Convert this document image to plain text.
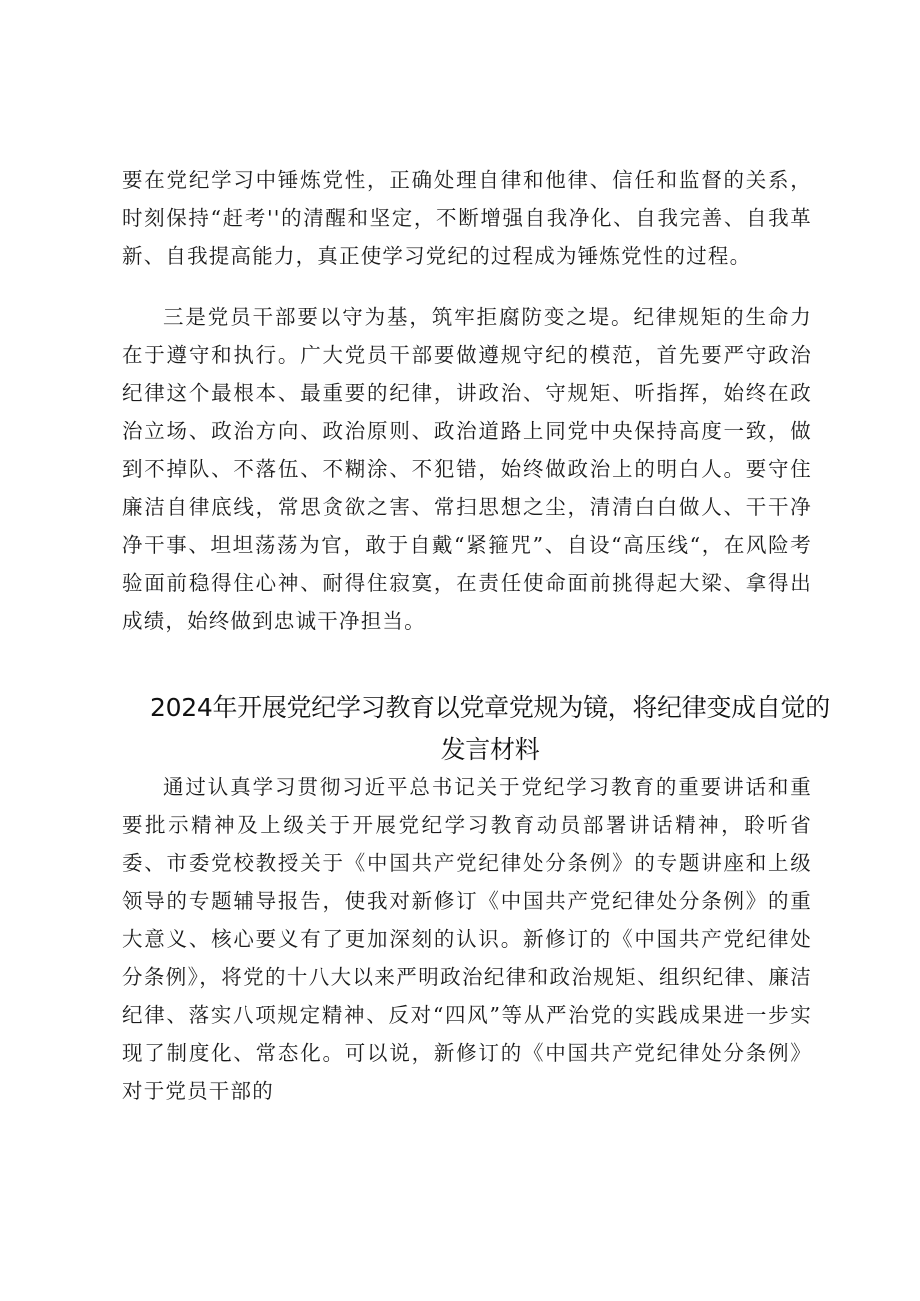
要在党纪学习中锤炼党性，正确处理自律和他律、信任和监督的关系，时刻保持“赶考''的清醒和坚定，不断增强自我净化、自我完善、自我革新、自我提高能力，真正使学习党纪的过程成为锤炼党性的过程。

三是党员干部要以守为基，筑牢拒腐防变之堤。纪律规矩的生命力在于遵守和执行。广大党员干部要做遵规守纪的模范，首先要严守政治纪律这个最根本、最重要的纪律，讲政治、守规矩、听指挥，始终在政治立场、政治方向、政治原则、政治道路上同党中央保持高度一致，做到不掉队、不落伍、不糊涂、不犯错，始终做政治上的明白人。要守住廉洁自律底线，常思贪欲之害、常扫思想之尘，清清白白做人、干干净净干事、坦坦荡荡为官，敢于自戴“紧箍咒”、自设“高压线“，在风险考验面前稳得住心神、耐得住寂寞，在责任使命面前挑得起大梁、拿得出成绩，始终做到忠诚干净担当。

2024年开展党纪学习教育以党章党规为镜，将纪律变成自觉的发言材料

通过认真学习贯彻习近平总书记关于党纪学习教育的重要讲话和重要批示精神及上级关于开展党纪学习教育动员部署讲话精神，聆听省委、市委党校教授关于《中国共产党纪律处分条例》的专题讲座和上级领导的专题辅导报告，使我对新修订《中国共产党纪律处分条例》的重大意义、核心要义有了更加深刻的认识。新修订的《中国共产党纪律处分条例》，将党的十八大以来严明政治纪律和政治规矩、组织纪律、廉洁纪律、落实八项规定精神、反对“四风”等从严治党的实践成果进一步实现了制度化、常态化。可以说，新修订的《中国共产党纪律处分条例》对于党员干部的
